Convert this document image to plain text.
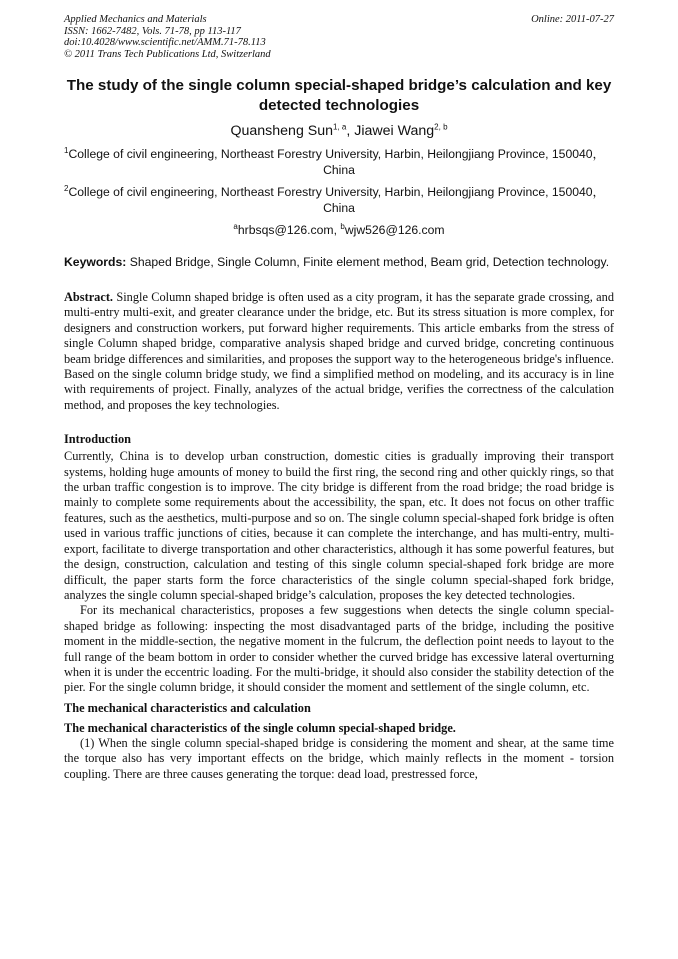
Applied Mechanics and Materials
ISSN: 1662-7482, Vols. 71-78, pp 113-117
doi:10.4028/www.scientific.net/AMM.71-78.113
© 2011 Trans Tech Publications Ltd, Switzerland
Online: 2011-07-27
The study of the single column special-shaped bridge’s calculation and key detected technologies
Quansheng Sun$^{1, a}$, Jiawei Wang$^{2, b}$
$^1$College of civil engineering, Northeast Forestry University, Harbin, Heilongjiang Province, 150040，
China
$^2$College of civil engineering, Northeast Forestry University, Harbin, Heilongjiang Province, 150040，
China
$^a$hrbsqs@126.com, $^b$wjw526@126.com
Keywords: Shaped Bridge, Single Column, Finite element method, Beam grid, Detection technology.
Abstract. Single Column shaped bridge is often used as a city program, it has the separate grade crossing, and multi-entry multi-exit, and greater clearance under the bridge, etc. But its stress situation is more complex, for designers and construction workers, put forward higher requirements. This article embarks from the stress of single Column shaped bridge, comparative analysis shaped bridge and curved bridge, concreting continuous beam bridge differences and similarities, and proposes the support way to the heterogeneous bridge's influence. Based on the single column bridge study, we find a simplified method on modeling, and its accuracy is in line with requirements of project. Finally, analyzes of the actual bridge, verifies the correctness of the calculation method, and proposes the key technologies.
Introduction
Currently, China is to develop urban construction, domestic cities is gradually improving their transport systems, holding huge amounts of money to build the first ring, the second ring and other quickly rings, so that the urban traffic congestion is to improve. The city bridge is different from the road bridge; the road bridge is mainly to complete some requirements about the accessibility, the span, etc. It does not focus on other traffic features, such as the aesthetics, multi-purpose and so on. The single column special-shaped fork bridge is often used in various traffic junctions of cities, because it can complete the interchange, and has multi-entry, multi-export, facilitate to diverge transportation and other characteristics, although it has some powerful features, but the design, construction, calculation and testing of this single column special-shaped fork bridge are more difficult, the paper starts form the force characteristics of the single column special-shaped fork bridge, analyzes the single column special-shaped bridge’s calculation, proposes the key detected technologies.
For its mechanical characteristics, proposes a few suggestions when detects the single column special-shaped bridge as following: inspecting the most disadvantaged parts of the bridge, including the positive moment in the middle-section, the negative moment in the fulcrum, the deflection point needs to layout to the full range of the beam bottom in order to consider whether the curved bridge has excessive lateral overturning when it is under the eccentric loading. For the multi-bridge, it should also consider the stability detection of the pier. For the single column bridge, it should consider the moment and settlement of the single column, etc.
The mechanical characteristics and calculation
The mechanical characteristics of the single column special-shaped bridge.
(1) When the single column special-shaped bridge is considering the moment and shear, at the same time the torque also has very important effects on the bridge, which mainly reflects in the moment - torsion coupling. There are three causes generating the torque: dead load, prestressed force,
